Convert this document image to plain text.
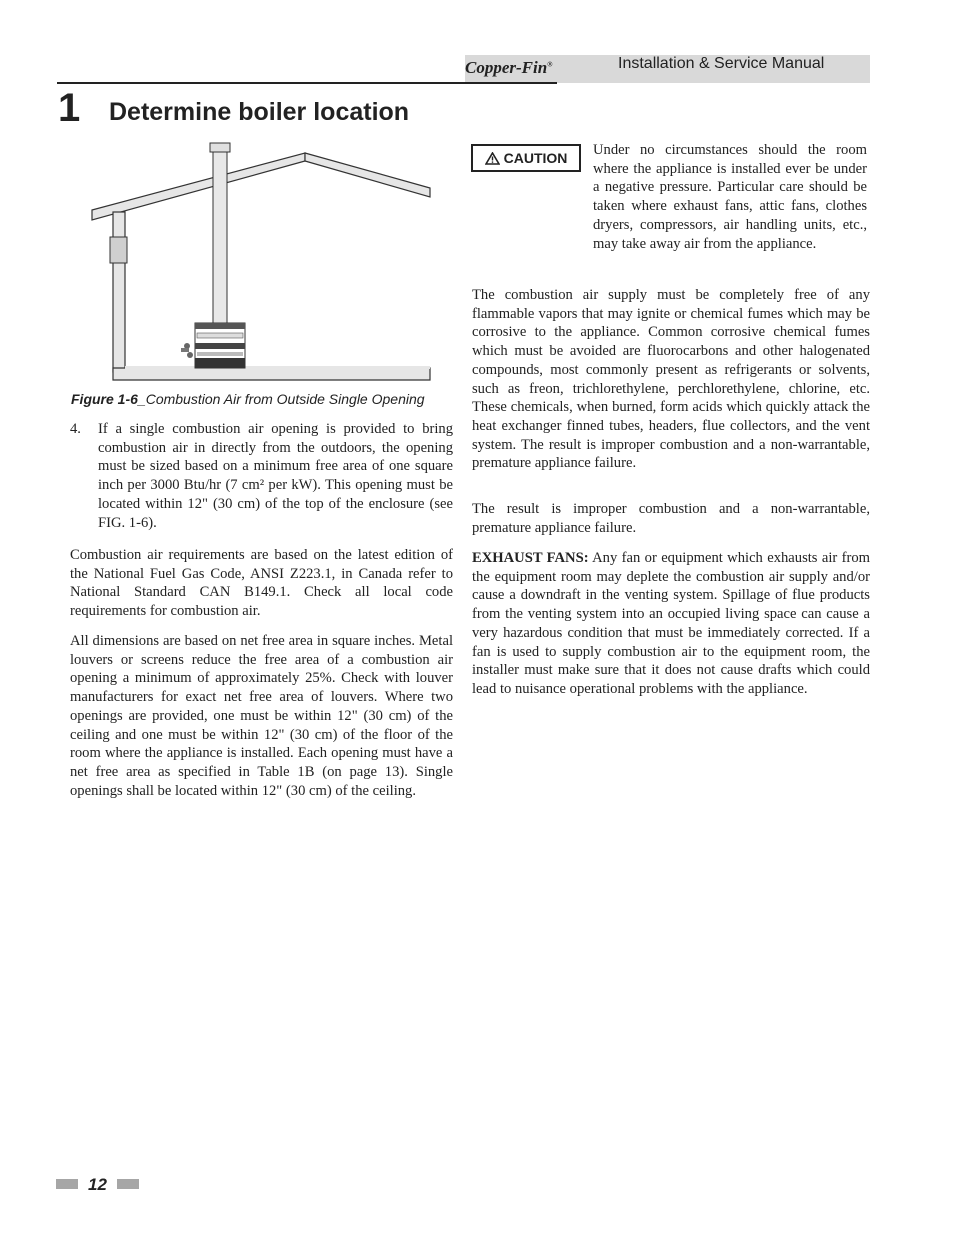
Copper-Fin®	Installation & Service Manual
1 Determine boiler location
Figure 1-6_Combustion Air from Outside Single Opening
4. If a single combustion air opening is provided to bring combustion air in directly from the outdoors, the opening must be sized based on a minimum free area of one square inch per 3000 Btu/hr (7 cm² per kW). This opening must be located within 12" (30 cm) of the top of the enclosure (see FIG. 1-6).

Combustion air requirements are based on the latest edition of the National Fuel Gas Code, ANSI Z223.1, in Canada refer to National Standard CAN B149.1. Check all local code requirements for combustion air.

All dimensions are based on net free area in square inches. Metal louvers or screens reduce the free area of a combustion air opening a minimum of approximately 25%. Check with louver manufacturers for exact net free area of louvers. Where two openings are provided, one must be within 12" (30 cm) of the ceiling and one must be within 12" (30 cm) of the floor of the room where the appliance is installed. Each opening must have a net free area as specified in Table 1B (on page 13). Single openings shall be located within 12" (30 cm) of the ceiling.

CAUTION Under no circumstances should the room where the appliance is installed ever be under a negative pressure. Particular care should be taken where exhaust fans, attic fans, clothes dryers, compressors, air handling units, etc., may take away air from the appliance.

The combustion air supply must be completely free of any flammable vapors that may ignite or chemical fumes which may be corrosive to the appliance. Common corrosive chemical fumes which must be avoided are fluorocarbons and other halogenated compounds, most commonly present as refrigerants or solvents, such as freon, trichlorethylene, perchlorethylene, chlorine, etc. These chemicals, when burned, form acids which quickly attack the heat exchanger finned tubes, headers, flue collectors, and the vent system. The result is improper combustion and a non-warrantable, premature appliance failure.

The result is improper combustion and a non-warrantable, premature appliance failure.

EXHAUST FANS: Any fan or equipment which exhausts air from the equipment room may deplete the combustion air supply and/or cause a downdraft in the venting system. Spillage of flue products from the venting system into an occupied living space can cause a very hazardous condition that must be immediately corrected. If a fan is used to supply combustion air to the equipment room, the installer must make sure that it does not cause drafts which could lead to nuisance operational problems with the appliance.

12
